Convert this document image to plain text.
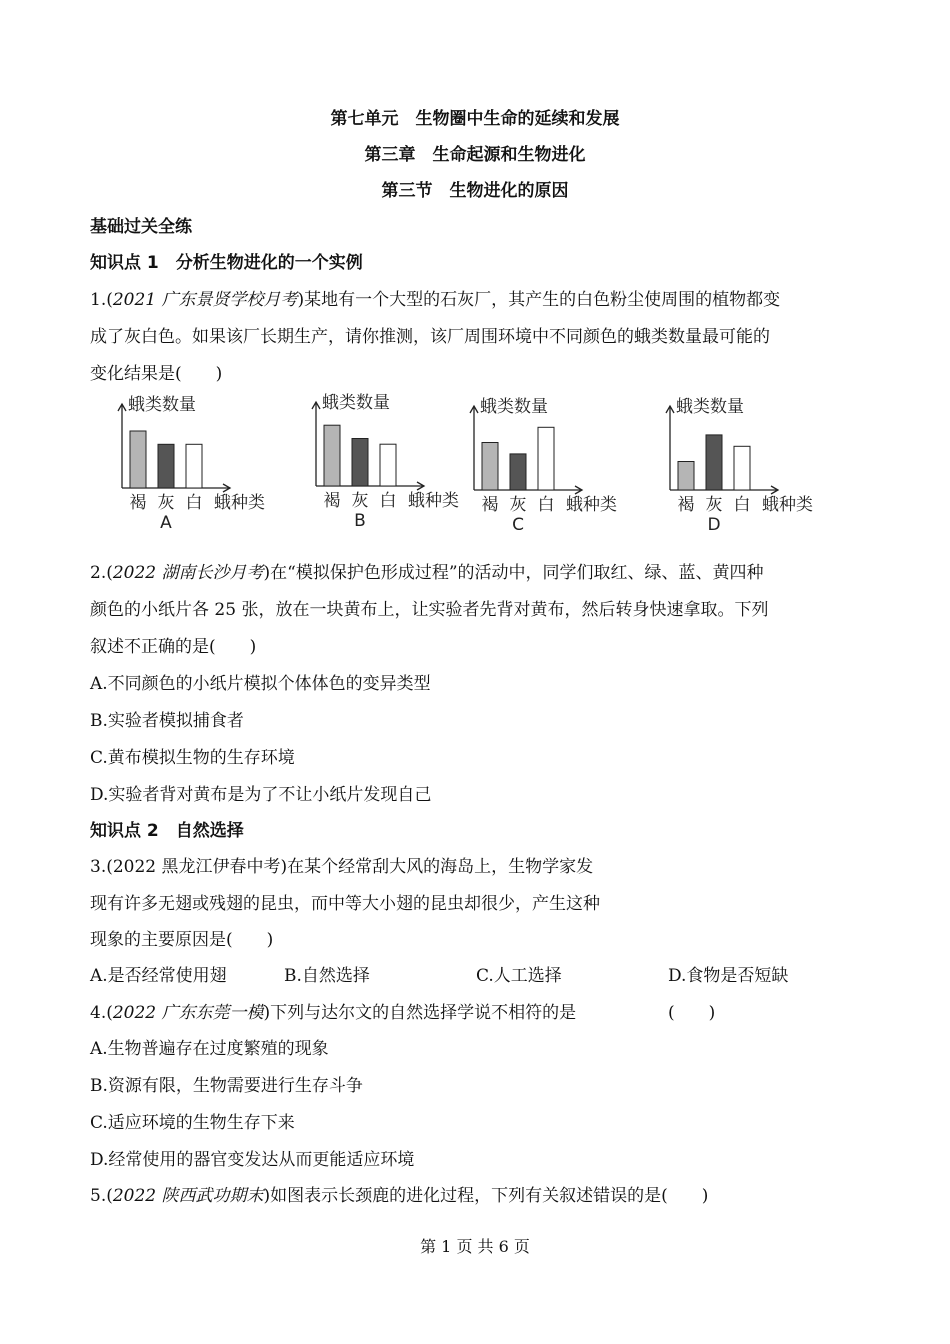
第七单元　生物圈中生命的延续和发展
第三章　生命起源和生物进化
第三节　生物进化的原因
基础过关全练
知识点 1　分析生物进化的一个实例
1.(2021 广东景贤学校月考)某地有一个大型的石灰厂，其产生的白色粉尘使周围的植物都变
成了灰白色。如果该厂长期生产，请你推测，该厂周围环境中不同颜色的蛾类数量最可能的
变化结果是(　　)
蛾类数量
褐 灰 白 蛾种类
A
蛾类数量
褐 灰 白 蛾种类
B
蛾类数量
褐 灰 白 蛾种类
C
蛾类数量
褐 灰 白 蛾种类
D
2.(2022 湖南长沙月考)在“模拟保护色形成过程”的活动中，同学们取红、绿、蓝、黄四种
颜色的小纸片各 25 张，放在一块黄布上，让实验者先背对黄布，然后转身快速拿取。下列
叙述不正确的是(　　)
A.不同颜色的小纸片模拟个体体色的变异类型
B.实验者模拟捕食者
C.黄布模拟生物的生存环境
D.实验者背对黄布是为了不让小纸片发现自己
知识点 2　自然选择
3.(2022 黑龙江伊春中考)在某个经常刮大风的海岛上，生物学家发
现有许多无翅或残翅的昆虫，而中等大小翅的昆虫却很少，产生这种
现象的主要原因是(　　)
A.是否经常使用翅	B.自然选择	C.人工选择	D.食物是否短缺
4.(2022 广东东莞一模)下列与达尔文的自然选择学说不相符的是	(　　)
A.生物普遍存在过度繁殖的现象
B.资源有限，生物需要进行生存斗争
C.适应环境的生物生存下来
D.经常使用的器官变发达从而更能适应环境
5.(2022 陕西武功期末)如图表示长颈鹿的进化过程，下列有关叙述错误的是(　　)
第 1 页 共 6 页
